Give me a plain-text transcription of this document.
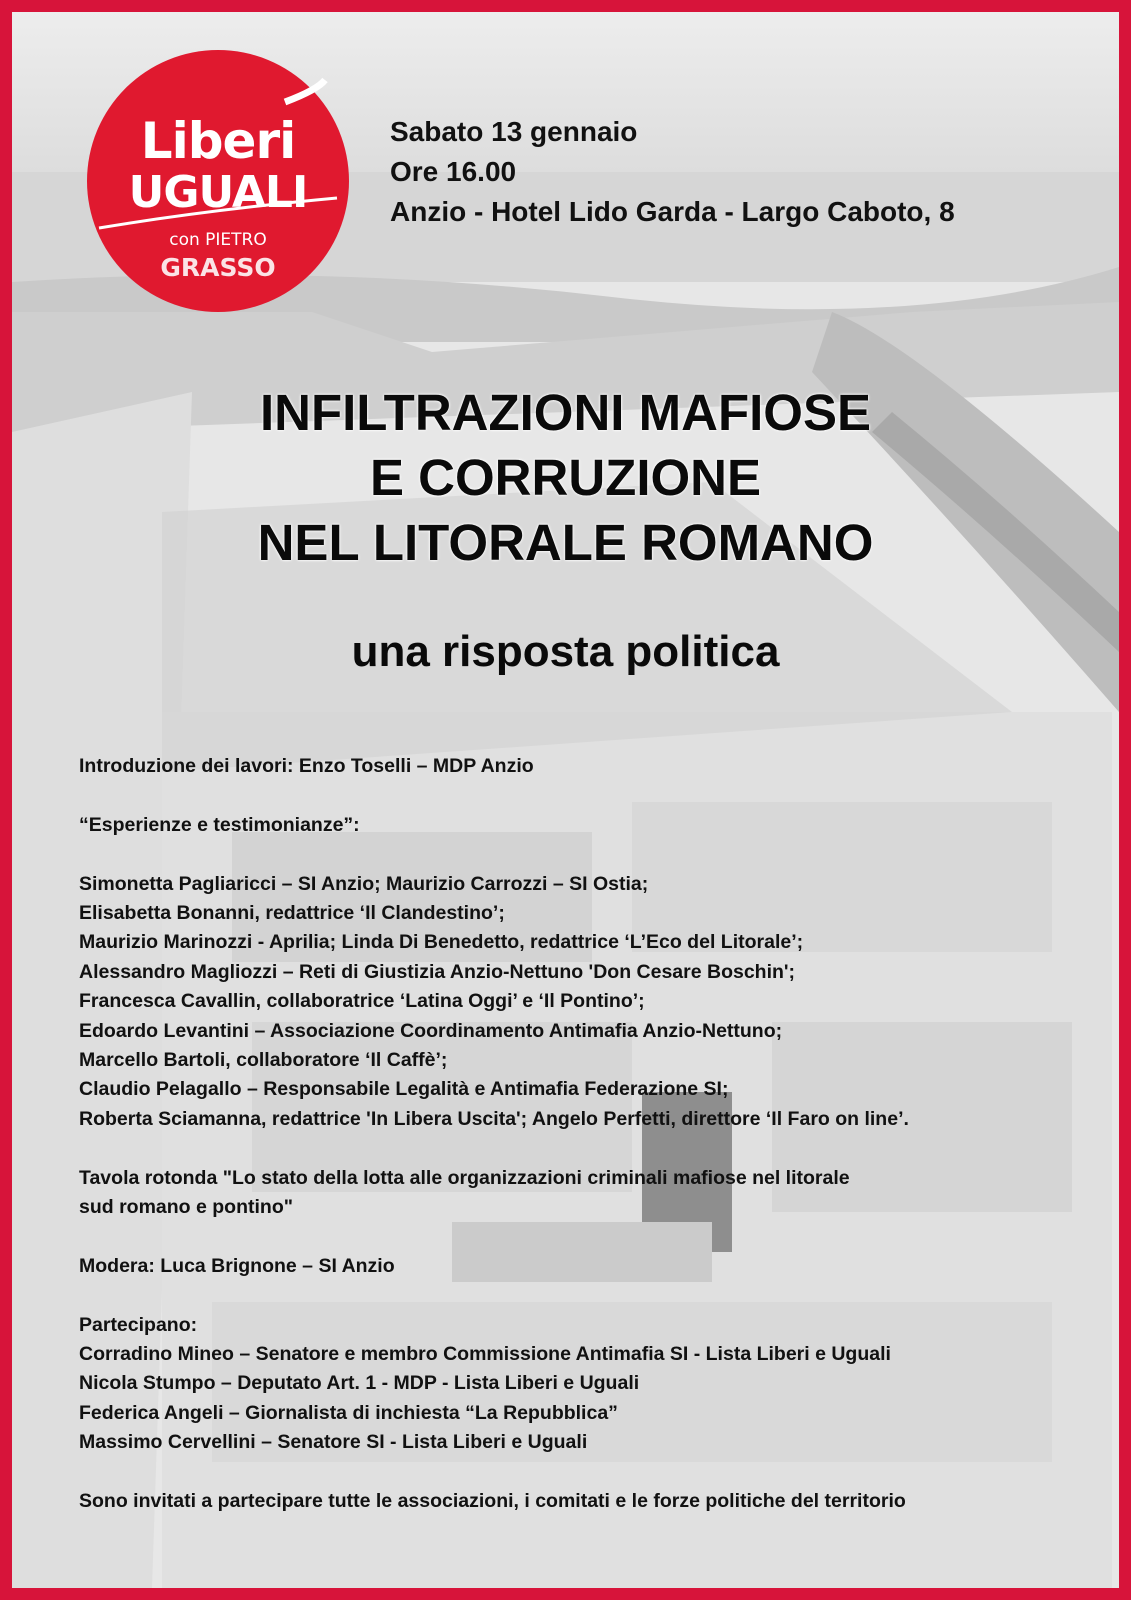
Liberi
UGUALI
con PIETRO
GRASSO
Sabato 13 gennaio
Ore 16.00
Anzio - Hotel Lido Garda - Largo Caboto, 8
INFILTRAZIONI MAFIOSE
E CORRUZIONE
NEL LITORALE ROMANO
una risposta politica

Introduzione dei lavori: Enzo Toselli – MDP Anzio

“Esperienze e testimonianze”:

Simonetta Pagliaricci – SI Anzio; Maurizio Carrozzi – SI Ostia;

Elisabetta Bonanni, redattrice ‘Il Clandestino’;

Maurizio Marinozzi - Aprilia; Linda Di Benedetto, redattrice ‘L’Eco del Litorale’;

Alessandro Magliozzi – Reti di Giustizia Anzio-Nettuno 'Don Cesare Boschin';

Francesca Cavallin, collaboratrice ‘Latina Oggi’ e ‘Il Pontino’;

Edoardo Levantini – Associazione Coordinamento Antimafia Anzio-Nettuno;

Marcello Bartoli, collaboratore ‘Il Caffè’;

Claudio Pelagallo – Responsabile Legalità e Antimafia Federazione SI;

Roberta Sciamanna, redattrice 'In Libera Uscita'; Angelo Perfetti, direttore ‘Il Faro on line’.

Tavola rotonda "Lo stato della lotta alle organizzazioni criminali mafiose nel litorale

sud romano e pontino"

Modera: Luca Brignone – SI Anzio

Partecipano:

Corradino Mineo – Senatore e membro Commissione Antimafia SI - Lista Liberi e Uguali

Nicola Stumpo – Deputato Art. 1 - MDP - Lista Liberi e Uguali

Federica Angeli – Giornalista di inchiesta “La Repubblica”

Massimo Cervellini – Senatore SI - Lista Liberi e Uguali

Sono invitati a partecipare tutte le associazioni, i comitati e le forze politiche del territorio
